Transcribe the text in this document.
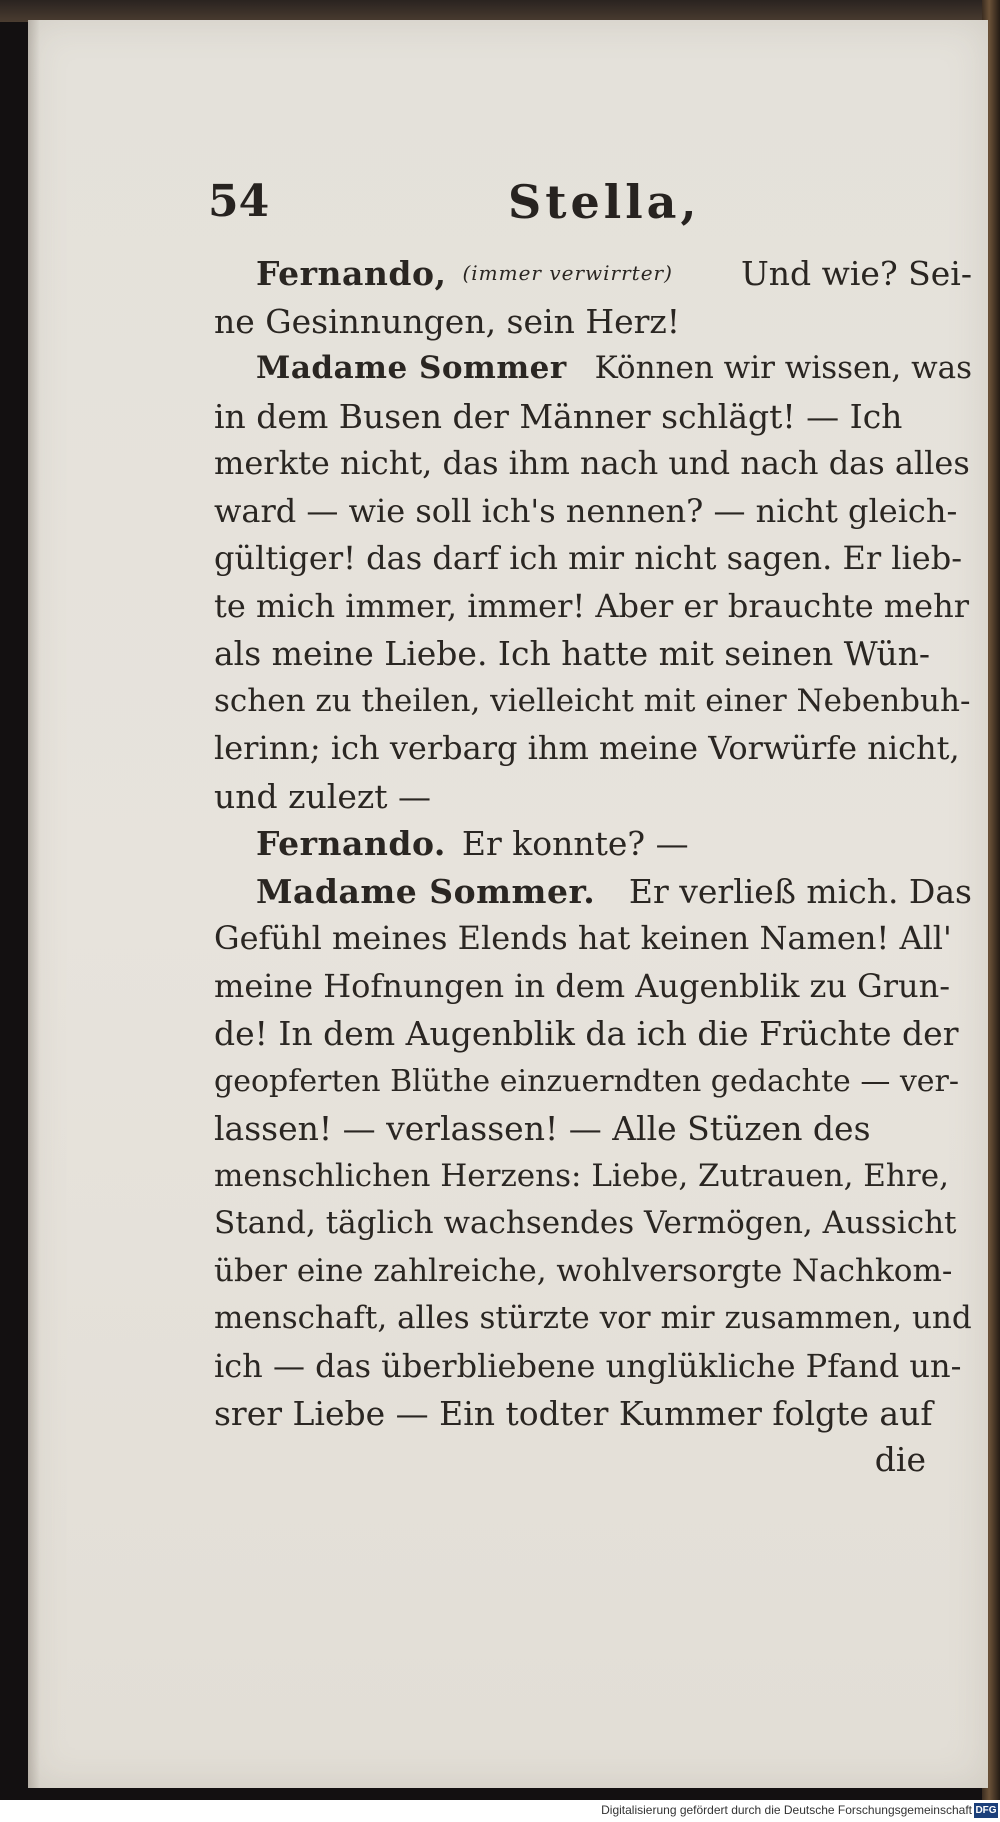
54	Stella,
Fernando, (immer verwirrter) Und wie? Sei-
ne Gesinnungen, sein Herz!
Madame Sommer Können wir wissen, was
in dem Busen der Männer schlägt! — Ich
merkte nicht, das ihm nach und nach das alles
ward — wie soll ich's nennen? — nicht gleich-
gültiger! das darf ich mir nicht sagen. Er lieb-
te mich immer, immer! Aber er brauchte mehr
als meine Liebe. Ich hatte mit seinen Wün-
schen zu theilen, vielleicht mit einer Nebenbuh-
lerinn; ich verbarg ihm meine Vorwürfe nicht,
und zulezt —
Fernando. Er konnte? —
Madame Sommer. Er verließ mich. Das
Gefühl meines Elends hat keinen Namen! All'
meine Hofnungen in dem Augenblik zu Grun-
de! In dem Augenblik da ich die Früchte der
geopferten Blüthe einzuerndten gedachte — ver-
lassen! — verlassen! — Alle Stüzen des
menschlichen Herzens: Liebe, Zutrauen, Ehre,
Stand, täglich wachsendes Vermögen, Aussicht
über eine zahlreiche, wohlversorgte Nachkom-
menschaft, alles stürzte vor mir zusammen, und
ich — das überbliebene unglükliche Pfand un-
srer Liebe — Ein todter Kummer folgte auf
die
Digitalisierung gefördert durch die Deutsche Forschungsgemeinschaft DFG
